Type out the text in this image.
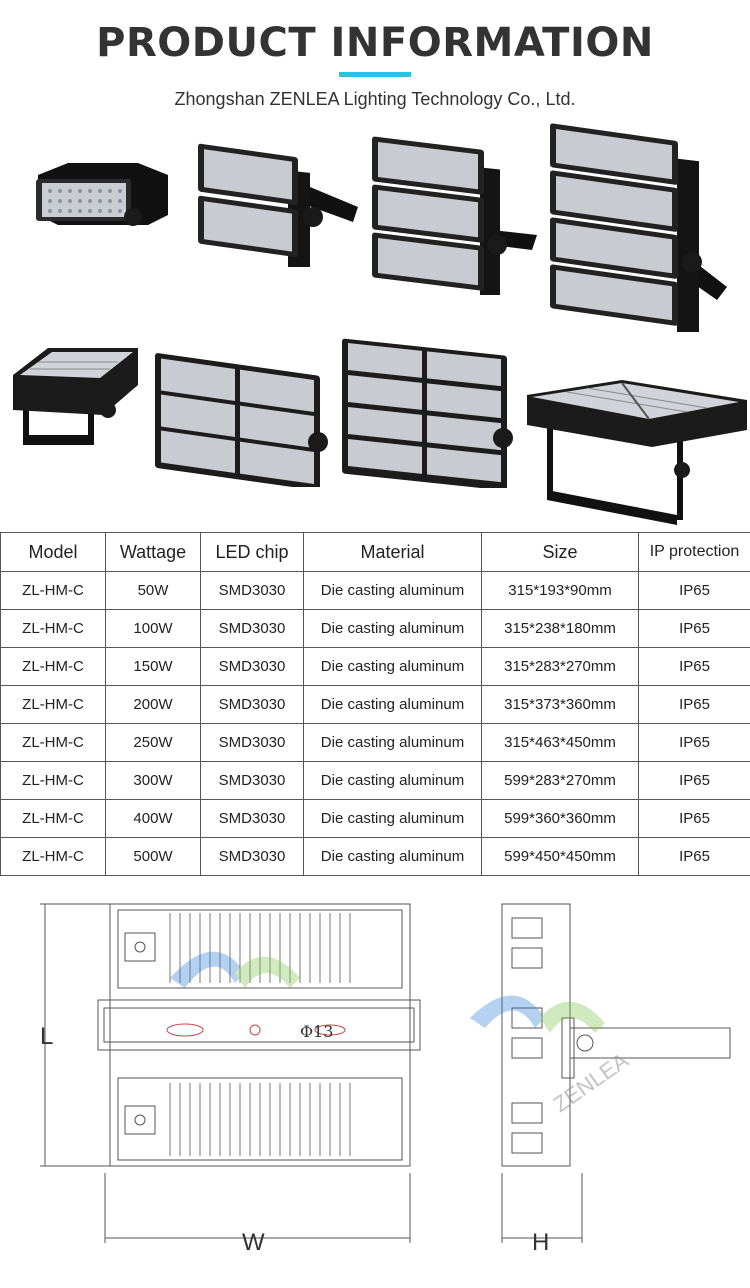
PRODUCT INFORMATION
Zhongshan ZENLEA Lighting Technology Co., Ltd.
Model	Wattage	LED chip	Material	Size	IP protection
ZL-HM-C	50W	SMD3030	Die casting aluminum	315*193*90mm	IP65
ZL-HM-C	100W	SMD3030	Die casting aluminum	315*238*180mm	IP65
ZL-HM-C	150W	SMD3030	Die casting aluminum	315*283*270mm	IP65
ZL-HM-C	200W	SMD3030	Die casting aluminum	315*373*360mm	IP65
ZL-HM-C	250W	SMD3030	Die casting aluminum	315*463*450mm	IP65
ZL-HM-C	300W	SMD3030	Die casting aluminum	599*283*270mm	IP65
ZL-HM-C	400W	SMD3030	Die casting aluminum	599*360*360mm	IP65
ZL-HM-C	500W	SMD3030	Die casting aluminum	599*450*450mm	IP65
Φ13
L
W	H
ZENLEA
